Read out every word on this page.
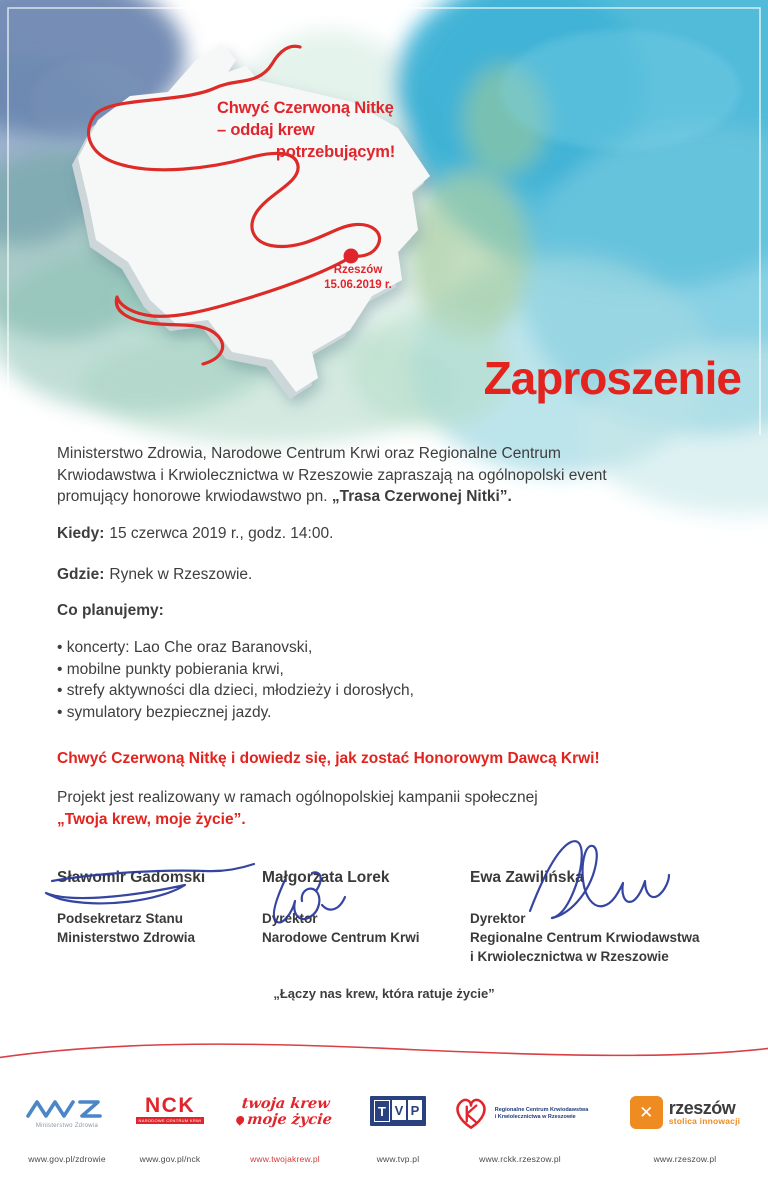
Chwyć Czerwoną Nitkę
– oddaj krew
potrzebującym!
Rzeszów
15.06.2019 r.
Zaproszenie
Ministerstwo Zdrowia, Narodowe Centrum Krwi oraz Regionalne Centrum
Krwiodawstwa i Krwiolecznictwa w Rzeszowie zapraszają na ogólnopolski event
promujący honorowe krwiodawstwo pn. „Trasa Czerwonej Nitki”.
Kiedy: 15 czerwca 2019 r., godz. 14:00.
Gdzie: Rynek w Rzeszowie.
Co planujemy:
• koncerty: Lao Che oraz Baranovski,
• mobilne punkty pobierania krwi,
• strefy aktywności dla dzieci, młodzieży i dorosłych,
• symulatory bezpiecznej jazdy.
Chwyć Czerwoną Nitkę i dowiedz się, jak zostać Honorowym Dawcą Krwi!
Projekt jest realizowany w ramach ogólnopolskiej kampanii społecznej
„Twoja krew, moje życie”.
Sławomir Gadomski
Podsekretarz Stanu
Ministerstwo Zdrowia
Małgorzata Lorek
Dyrektor
Narodowe Centrum Krwi
Ewa Zawilińska
Dyrektor
Regionalne Centrum Krwiodawstwa
i Krwiolecznictwa w Rzeszowie
„Łączy nas krew, która ratuje życie”
Ministerstwo Zdrowia
www.gov.pl/zdrowie
NCK
NARODOWE CENTRUM KRWI
www.gov.pl/nck
twoja krew
moje życie
www.twojakrew.pl
T V P
www.tvp.pl
Regionalne Centrum Krwiodawstwa
i Krwiolecznictwa w Rzeszowie
www.rckk.rzeszow.pl
✕ rzeszów
stolica innowacji
www.rzeszow.pl
